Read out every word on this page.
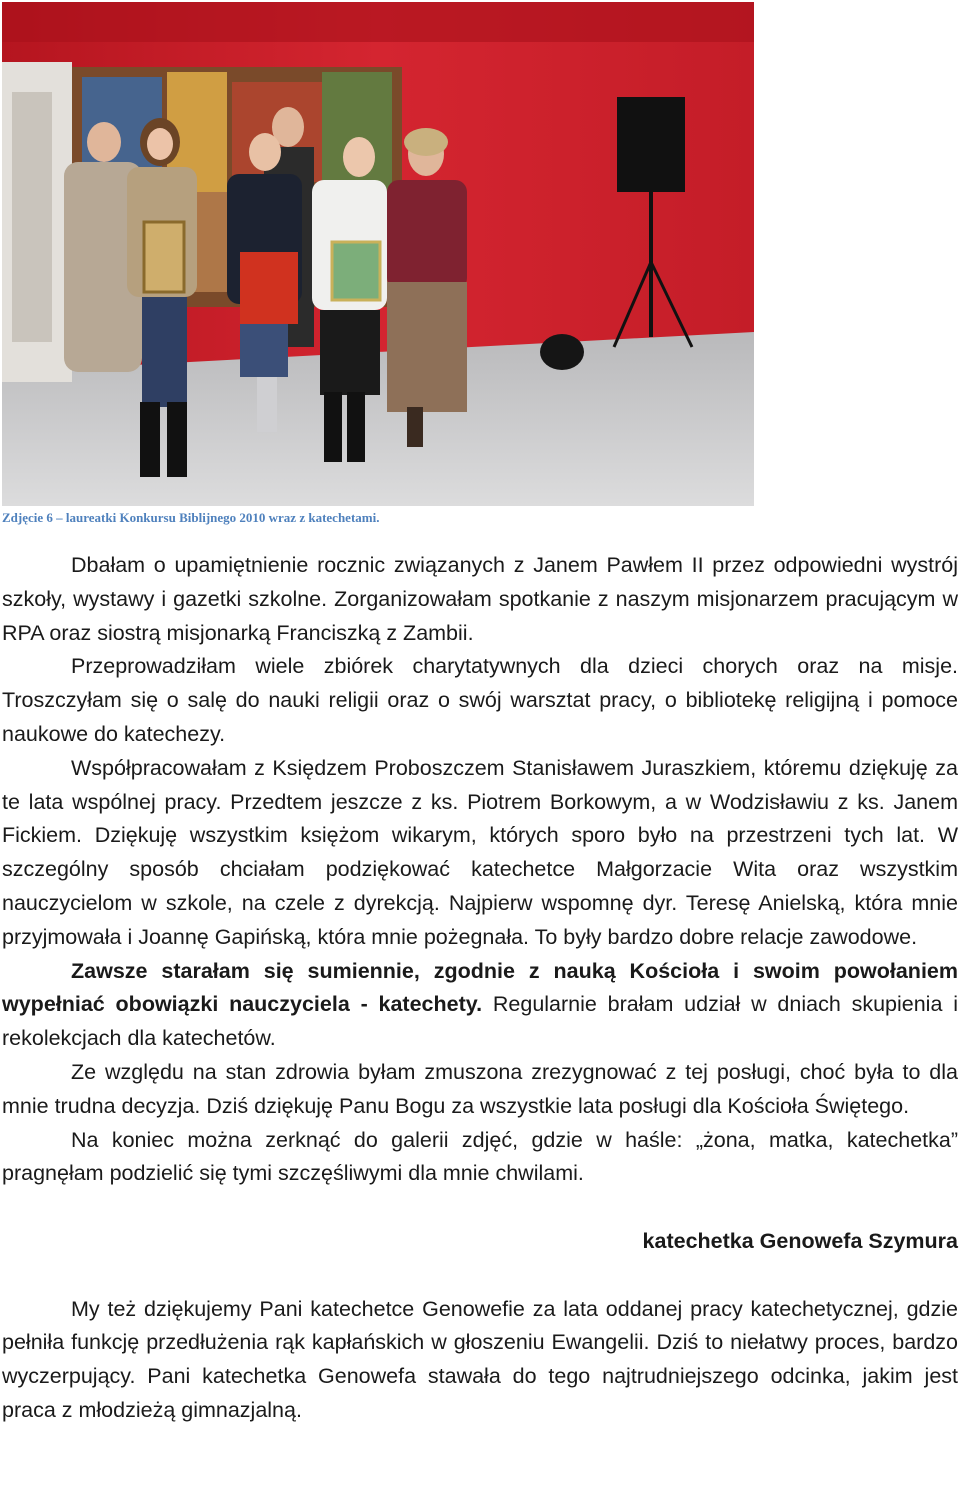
Zdjęcie 6 – laureatki Konkursu Biblijnego 2010 wraz z katechetami.

Dbałam o upamiętnienie rocznic związanych z Janem Pawłem II przez odpowiedni wystrój szkoły, wystawy i gazetki szkolne. Zorganizowałam spotkanie z naszym misjonarzem pracującym w RPA oraz siostrą misjonarką Franciszką z Zambii.

Przeprowadziłam wiele zbiórek charytatywnych dla dzieci chorych oraz na misje. Troszczyłam się o salę do nauki religii oraz o swój warsztat pracy, o bibliotekę religijną i pomoce naukowe do katechezy.

Współpracowałam z Księdzem Proboszczem Stanisławem Juraszkiem, któremu dziękuję za te lata wspólnej pracy. Przedtem jeszcze z ks. Piotrem Borkowym, a w Wodzisławiu z ks. Janem Fickiem. Dziękuję wszystkim księżom wikarym, których sporo było na przestrzeni tych lat. W szczególny sposób chciałam podziękować katechetce Małgorzacie Wita oraz wszystkim nauczycielom w szkole, na czele z dyrekcją. Najpierw wspomnę dyr. Teresę Anielską, która mnie przyjmowała i Joannę Gapińską, która mnie pożegnała. To były bardzo dobre relacje zawodowe.

Zawsze starałam się sumiennie, zgodnie z nauką Kościoła i swoim powołaniem wypełniać obowiązki nauczyciela - katechety. Regularnie brałam udział w dniach skupienia i rekolekcjach dla katechetów.

Ze względu na stan zdrowia byłam zmuszona zrezygnować z tej posługi, choć była to dla mnie trudna decyzja. Dziś dziękuję Panu Bogu za wszystkie lata posługi dla Kościoła Świętego.

Na koniec można zerknąć do galerii zdjęć, gdzie w haśle: „żona, matka, katechetka” pragnęłam podzielić się tymi szczęśliwymi dla mnie chwilami.

katechetka Genowefa Szymura

My też dziękujemy Pani katechetce Genowefie za lata oddanej pracy katechetycznej, gdzie pełniła funkcję przedłużenia rąk kapłańskich w głoszeniu Ewangelii. Dziś to niełatwy proces, bardzo wyczerpujący. Pani katechetka Genowefa stawała do tego najtrudniejszego odcinka, jakim jest praca z młodzieżą gimnazjalną.
